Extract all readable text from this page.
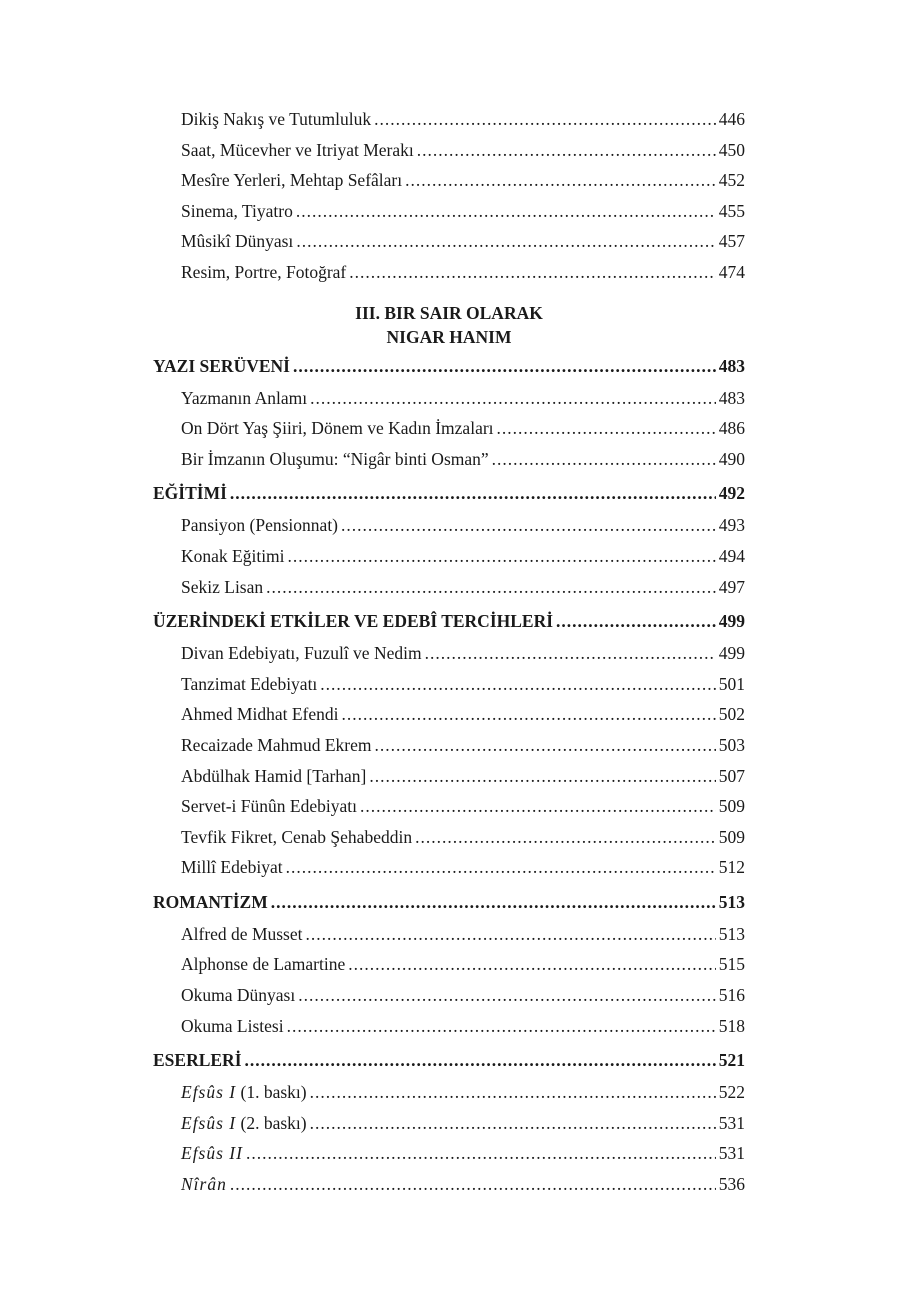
Dikiş Nakış ve Tutumluluk .....	446
Saat, Mücevher ve Itriyat Merakı .....	450
Mesîre Yerleri, Mehtap Sefâları .....	452
Sinema, Tiyatro .....	455
Mûsikî Dünyası .....	457
Resim, Portre, Fotoğraf .....	474
III. BIR SAIR OLARAK
NIGAR HANIM
YAZI SERÜVENİ .....	483
Yazmanın Anlamı .....	483
On Dört Yaş Şiiri, Dönem ve Kadın İmzaları .....	486
Bir İmzanın Oluşumu: “Nigâr binti Osman” .....	490
EĞİTİMİ .....	492
Pansiyon (Pensionnat) .....	493
Konak Eğitimi .....	494
Sekiz Lisan .....	497
ÜZERİNDEKİ ETKİLER VE EDEBÎ TERCİHLERİ .....	499
Divan Edebiyatı, Fuzulî ve Nedim .....	499
Tanzimat Edebiyatı .....	501
Ahmed Midhat Efendi .....	502
Recaizade Mahmud Ekrem .....	503
Abdülhak Hamid [Tarhan] .....	507
Servet-i Fünûn Edebiyatı .....	509
Tevfik Fikret, Cenab Şehabeddin .....	509
Millî Edebiyat .....	512
ROMANTİZM .....	513
Alfred de Musset .....	513
Alphonse de Lamartine .....	515
Okuma Dünyası .....	516
Okuma Listesi .....	518
ESERLERİ .....	521
Efsûs I (1. baskı) .....	522
Efsûs I (2. baskı) .....	531
Efsûs II .....	531
Nîrân .....	536
